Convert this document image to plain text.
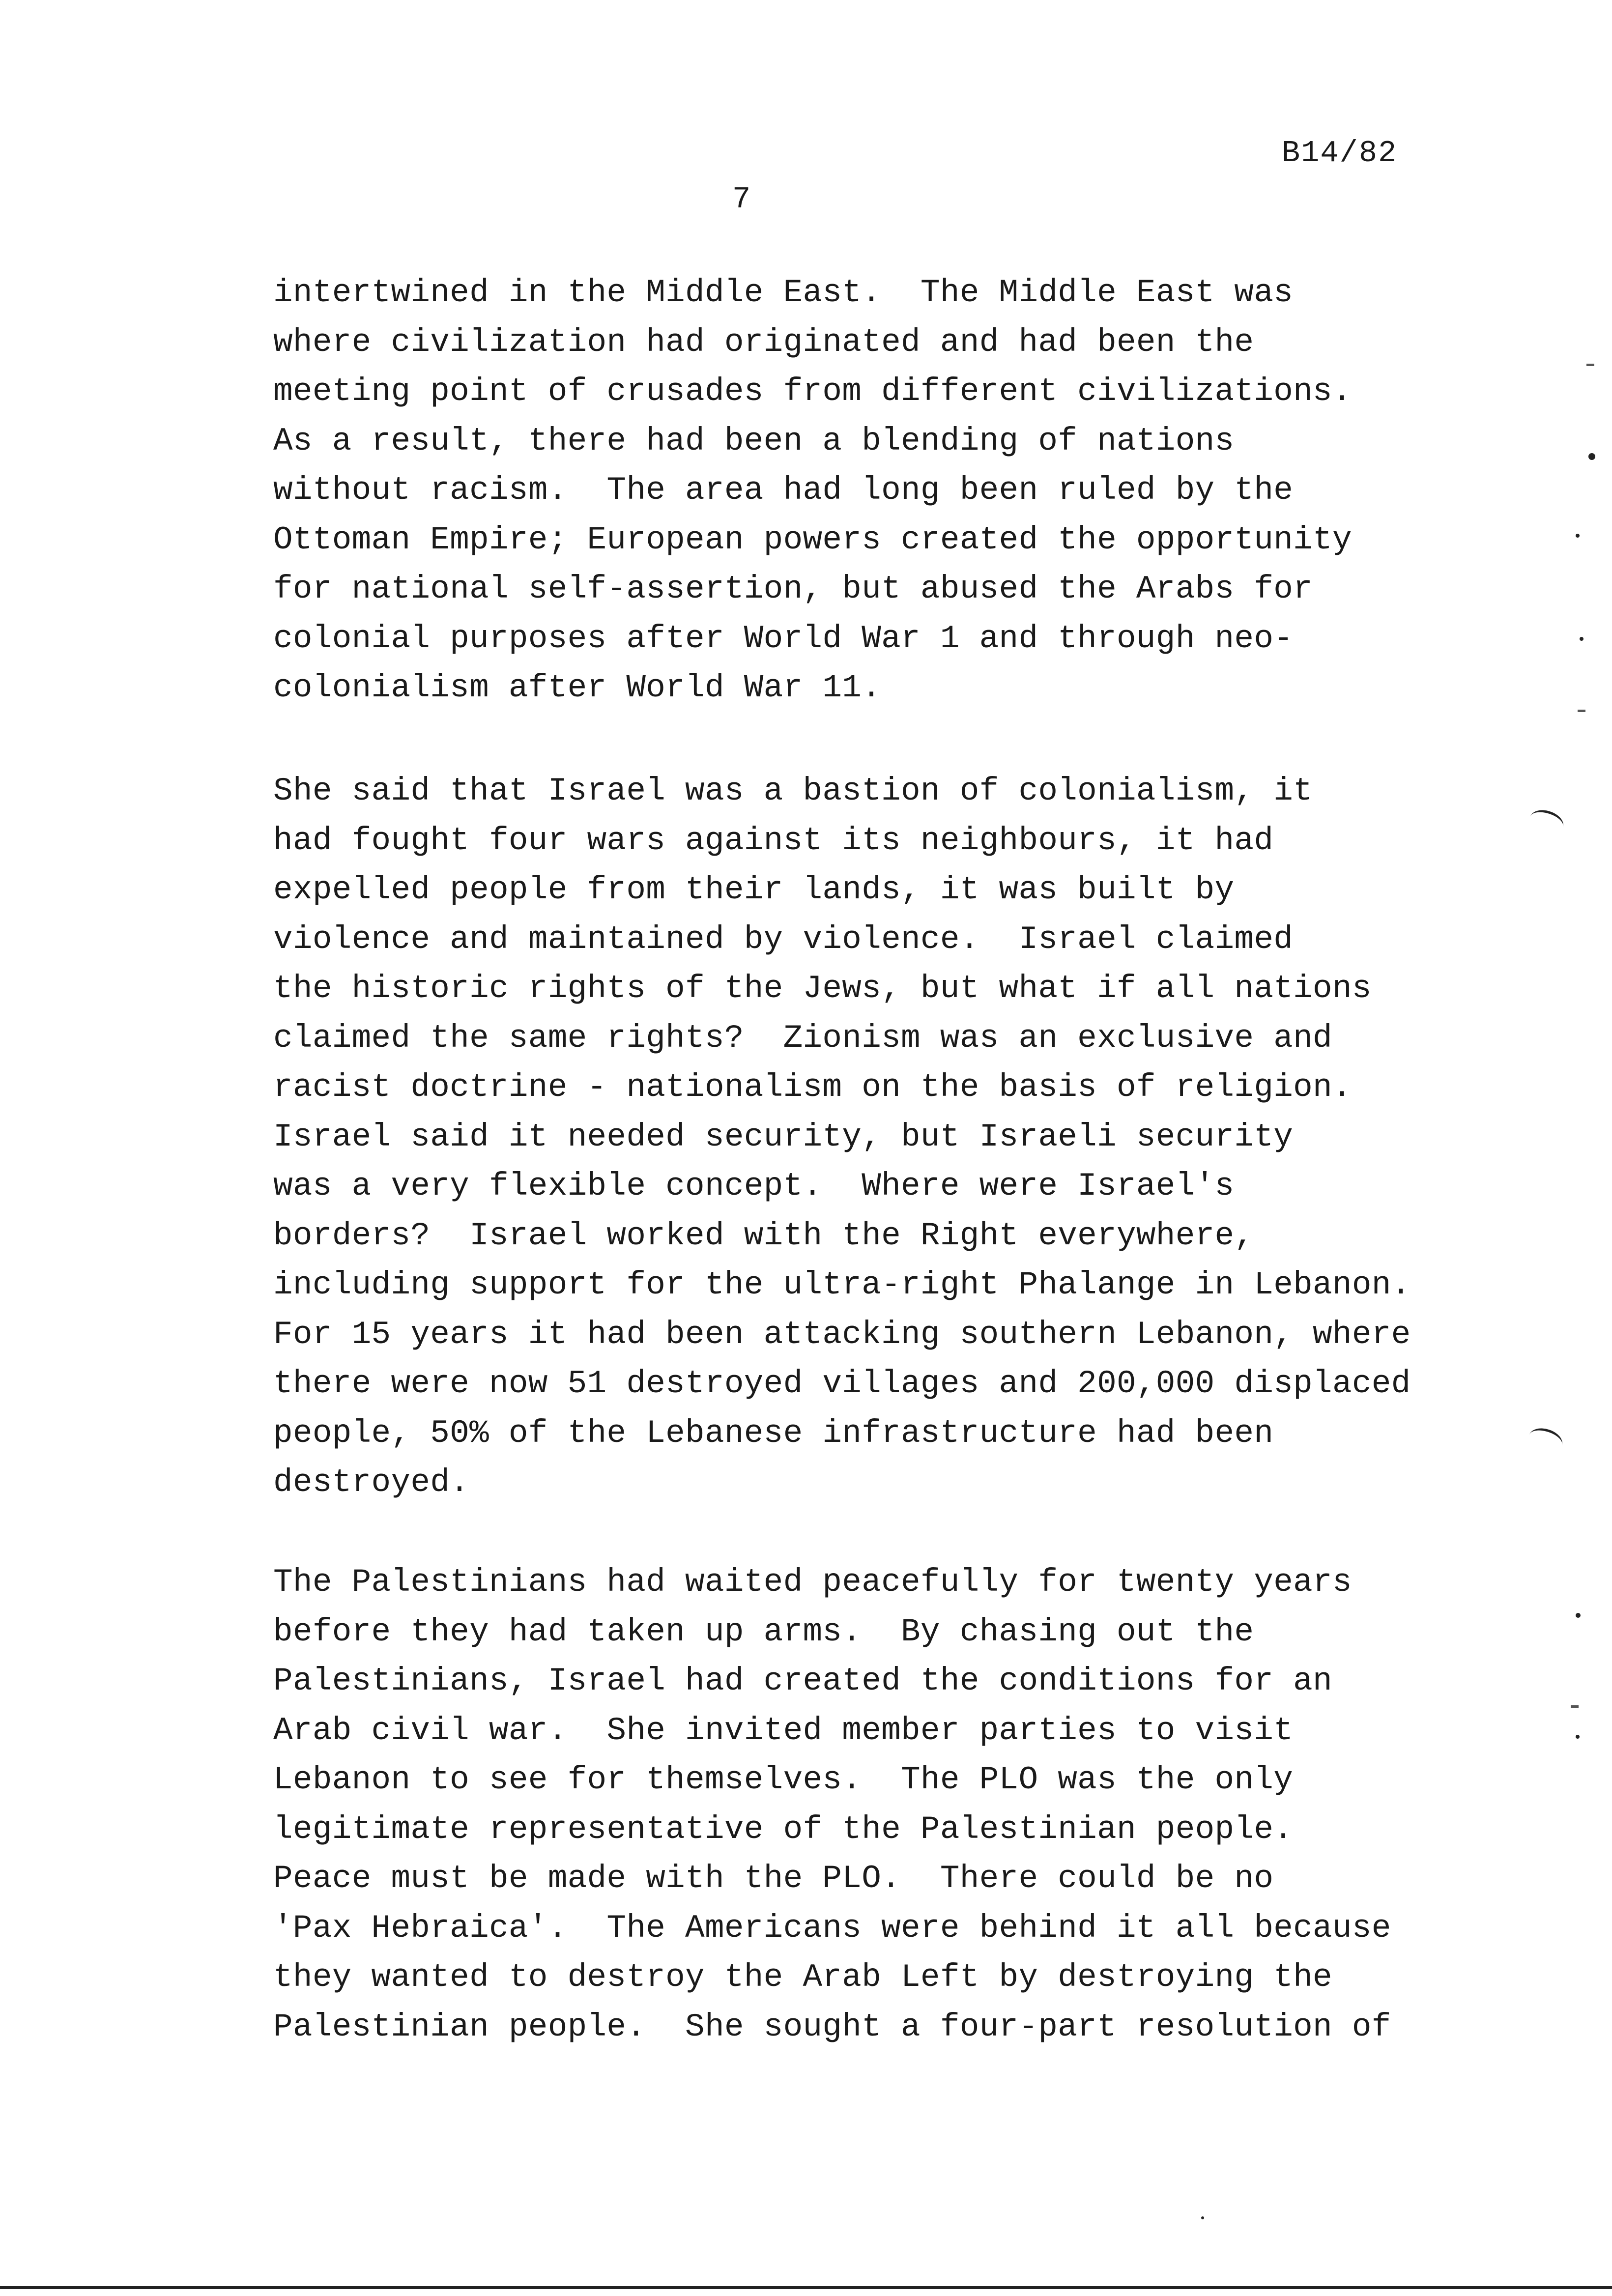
B14/82
7
intertwined in the Middle East.  The Middle East was
where civilization had originated and had been the
meeting point of crusades from different civilizations.
As a result, there had been a blending of nations
without racism.  The area had long been ruled by the
Ottoman Empire; European powers created the opportunity
for national self-assertion, but abused the Arabs for
colonial purposes after World War 1 and through neo-
colonialism after World War 11.
She said that Israel was a bastion of colonialism, it
had fought four wars against its neighbours, it had
expelled people from their lands, it was built by
violence and maintained by violence.  Israel claimed
the historic rights of the Jews, but what if all nations
claimed the same rights?  Zionism was an exclusive and
racist doctrine - nationalism on the basis of religion.
Israel said it needed security, but Israeli security
was a very flexible concept.  Where were Israel's
borders?  Israel worked with the Right everywhere,
including support for the ultra-right Phalange in Lebanon.
For 15 years it had been attacking southern Lebanon, where
there were now 51 destroyed villages and 200,000 displaced
people, 50% of the Lebanese infrastructure had been
destroyed.
The Palestinians had waited peacefully for twenty years
before they had taken up arms.  By chasing out the
Palestinians, Israel had created the conditions for an
Arab civil war.  She invited member parties to visit
Lebanon to see for themselves.  The PLO was the only
legitimate representative of the Palestinian people.
Peace must be made with the PLO.  There could be no
'Pax Hebraica'.  The Americans were behind it all because
they wanted to destroy the Arab Left by destroying the
Palestinian people.  She sought a four-part resolution of
